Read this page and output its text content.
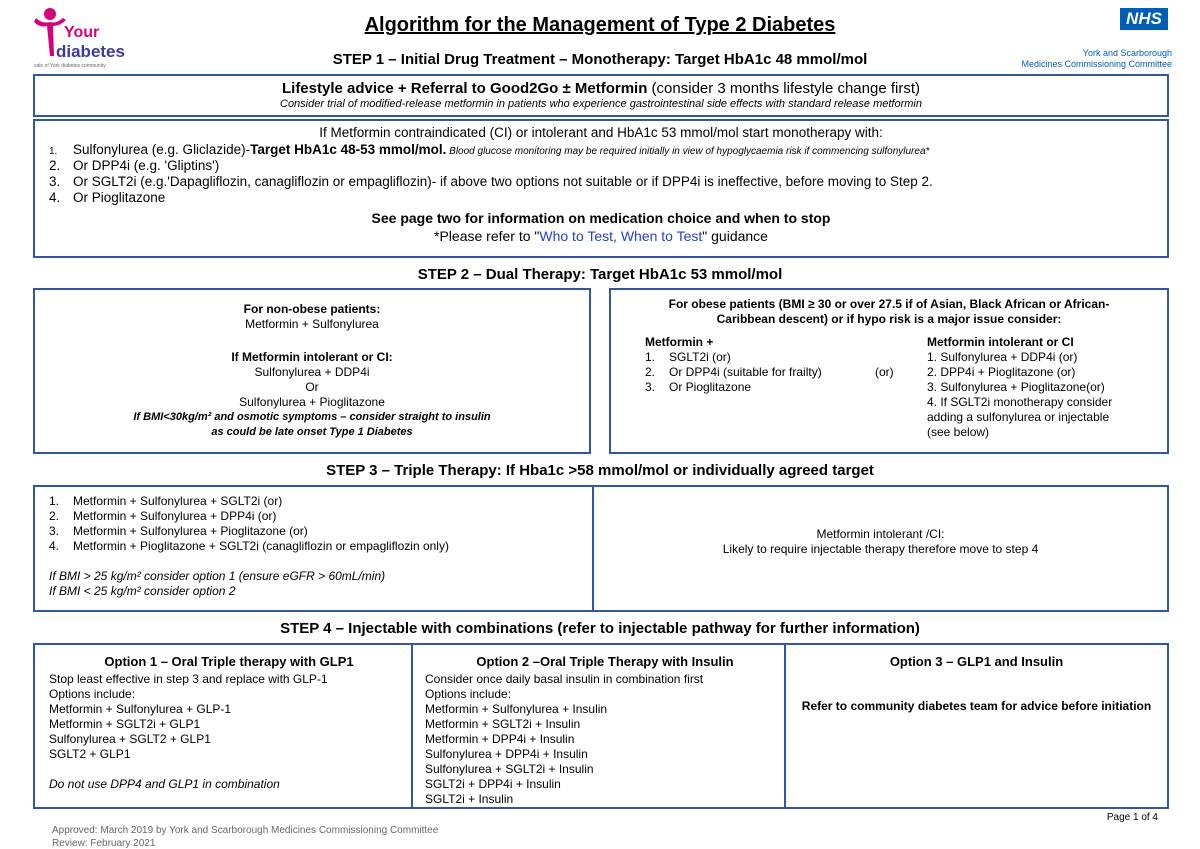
Your
diabetes
vale of York diabetes community
Algorithm for the Management of Type 2 Diabetes	NHS
York and Scarborough
Medicines Commissioning Committee
STEP 1 – Initial Drug Treatment – Monotherapy: Target HbA1c 48 mmol/mol
Lifestyle advice + Referral to Good2Go ± Metformin (consider 3 months lifestyle change first)
Consider trial of modified-release metformin in patients who experience gastrointestinal side effects with standard release metformin
If Metformin contraindicated (CI) or intolerant and HbA1c 53 mmol/mol start monotherapy with:
1. Sulfonylurea (e.g. Gliclazide)-Target HbA1c 48-53 mmol/mol. Blood glucose monitoring may be required initially in view of hypoglycaemia risk if commencing sulfonylurea*
2. Or DPP4i (e.g. 'Gliptins')
3. Or SGLT2i (e.g.'Dapagliflozin, canagliflozin or empagliflozin)- if above two options not suitable or if DPP4i is ineffective, before moving to Step 2.
4. Or Pioglitazone
See page two for information on medication choice and when to stop
*Please refer to "Who to Test, When to Test" guidance
STEP 2 – Dual Therapy: Target HbA1c 53 mmol/mol
For non-obese patients:
Metformin + Sulfonylurea
If Metformin intolerant or CI:
Sulfonylurea + DDP4i
Or
Sulfonylurea + Pioglitazone
If BMI<30kg/m² and osmotic symptoms – consider straight to insulin
as could be late onset Type 1 Diabetes
For obese patients (BMI ≥ 30 or over 27.5 if of Asian, Black African or African-
Caribbean descent) or if hypo risk is a major issue consider:
Metformin +
1. SGLT2i (or)
2. Or DPP4i (suitable for frailty)
3. Or Pioglitazone
(or)
Metformin intolerant or CI
1. Sulfonylurea + DDP4i (or)
2. DPP4i + Pioglitazone (or)
3. Sulfonylurea + Pioglitazone(or)
4. If SGLT2i monotherapy consider
adding a sulfonylurea or injectable
(see below)
STEP 3 – Triple Therapy: If Hba1c >58 mmol/mol or individually agreed target
1. Metformin + Sulfonylurea + SGLT2i (or)
2. Metformin + Sulfonylurea + DPP4i (or)
3. Metformin + Sulfonylurea + Pioglitazone (or)
4. Metformin + Pioglitazone + SGLT2i (canagliflozin or empagliflozin only)
If BMI > 25 kg/m² consider option 1 (ensure eGFR > 60mL/min)
If BMI < 25 kg/m² consider option 2
Metformin intolerant /CI:
Likely to require injectable therapy therefore move to step 4
STEP 4 – Injectable with combinations (refer to injectable pathway for further information)
Option 1 – Oral Triple therapy with GLP1
Stop least effective in step 3 and replace with GLP-1
Options include:
Metformin + Sulfonylurea + GLP-1
Metformin + SGLT2i + GLP1
Sulfonylurea + SGLT2 + GLP1
SGLT2 + GLP1
Do not use DPP4 and GLP1 in combination
Option 2 –Oral Triple Therapy with Insulin
Consider once daily basal insulin in combination first
Options include:
Metformin + Sulfonylurea + Insulin
Metformin + SGLT2i + Insulin
Metformin + DPP4i + Insulin
Sulfonylurea + DPP4i + Insulin
Sulfonylurea + SGLT2i + Insulin
SGLT2i + DPP4i + Insulin
SGLT2i + Insulin
Option 3 – GLP1 and Insulin
Refer to community diabetes team for advice before initiation
Page 1 of 4
Approved: March 2019 by York and Scarborough Medicines Commissioning Committee
Review: February 2021
